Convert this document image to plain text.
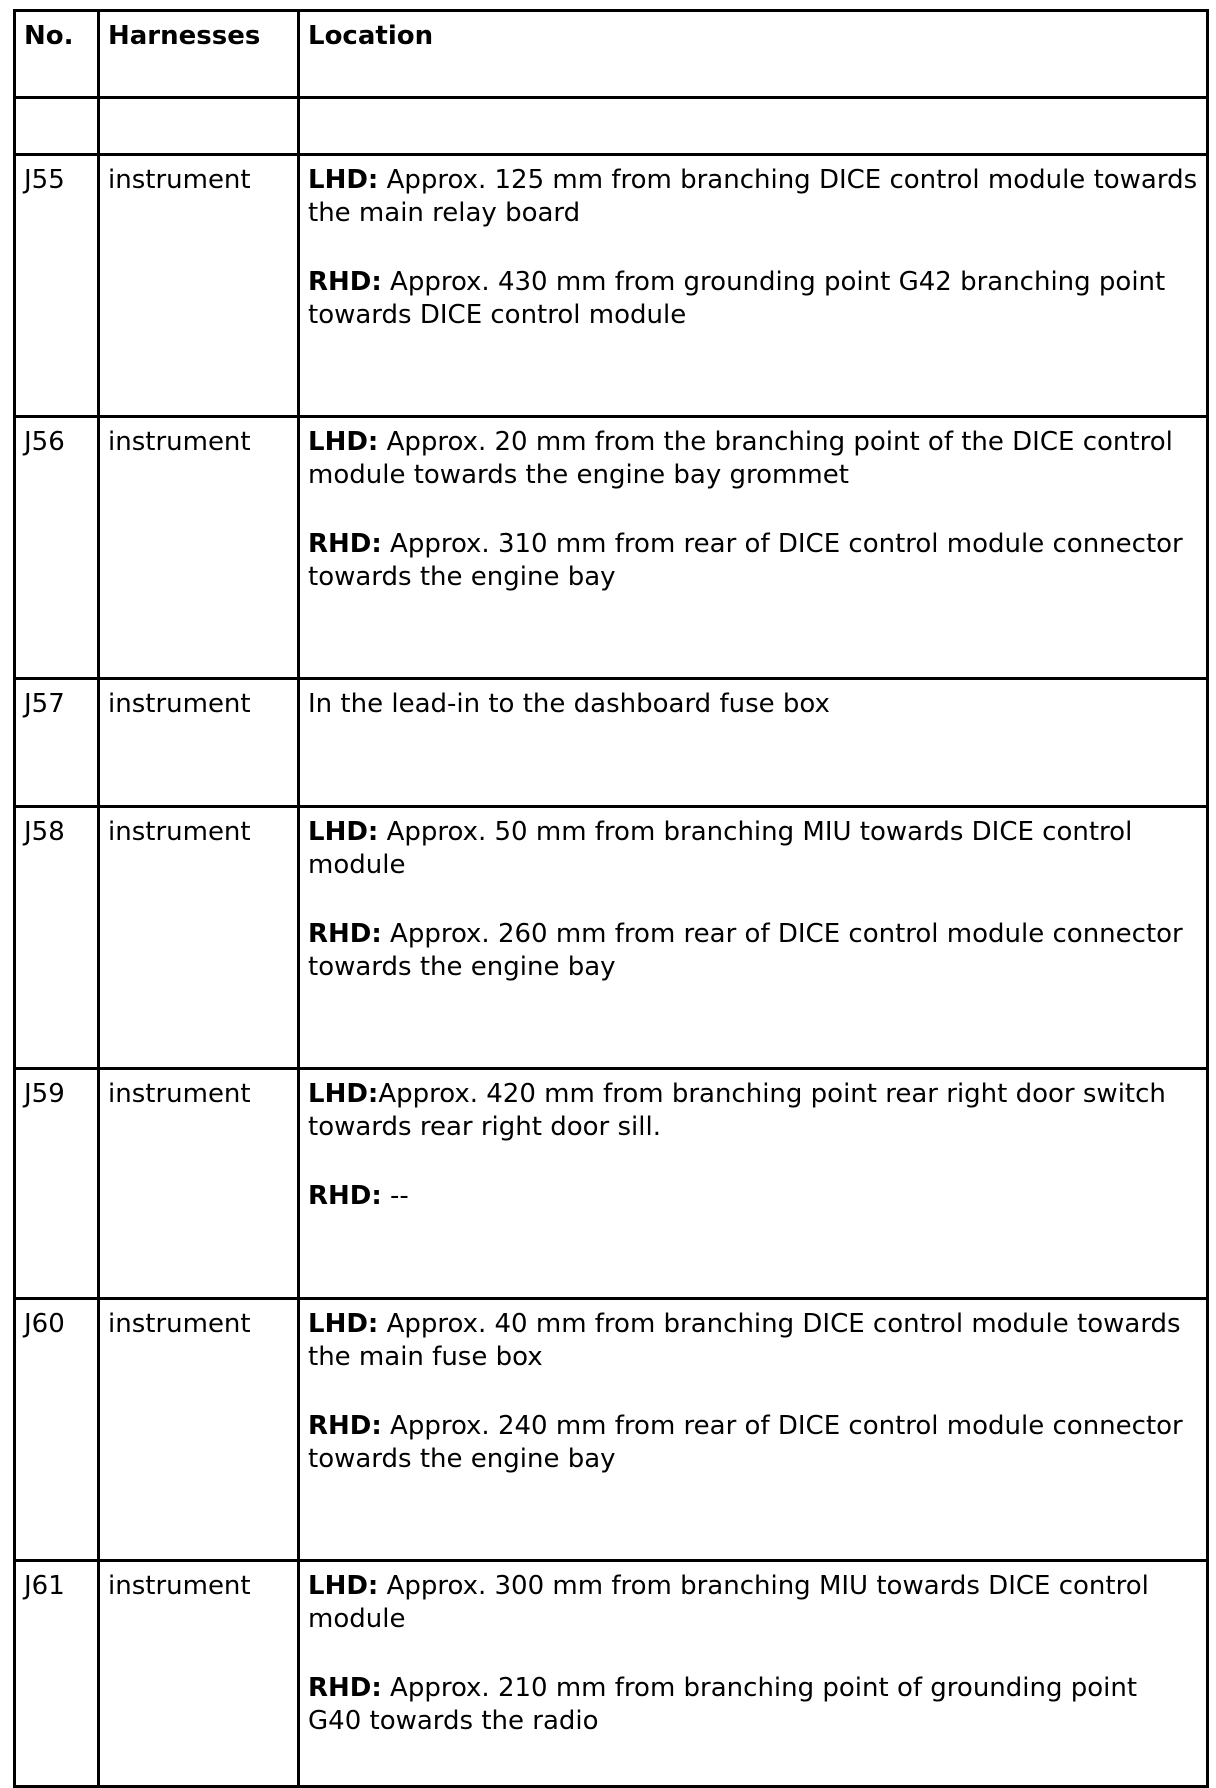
No.	Harnesses	Location

J55	instrument	LHD: Approx. 125 mm from branching DICE control module towards the main relay board

RHD: Approx. 430 mm from grounding point G42 branching point towards DICE control module

J56	instrument	LHD: Approx. 20 mm from the branching point of the DICE control module towards the engine bay grommet

RHD: Approx. 310 mm from rear of DICE control module connector towards the engine bay

J57	instrument	In the lead-in to the dashboard fuse box

J58	instrument	LHD: Approx. 50 mm from branching MIU towards DICE control module

RHD: Approx. 260 mm from rear of DICE control module connector towards the engine bay

J59	instrument	LHD:Approx. 420 mm from branching point rear right door switch towards rear right door sill.

RHD: --

J60	instrument	LHD: Approx. 40 mm from branching DICE control module towards the main fuse box

RHD: Approx. 240 mm from rear of DICE control module connector towards the engine bay

J61	instrument	LHD: Approx. 300 mm from branching MIU towards DICE control module

RHD: Approx. 210 mm from branching point of grounding point G40 towards the radio
